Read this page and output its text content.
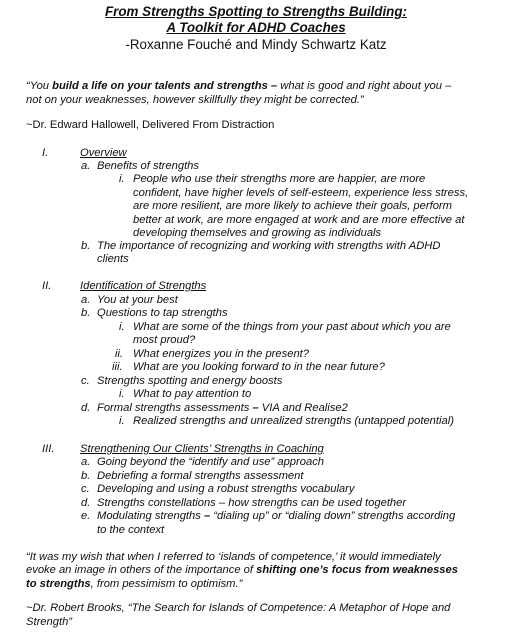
From Strengths Spotting to Strengths Building:
A Toolkit for ADHD Coaches
-Roxanne Fouché and Mindy Schwartz Katz
“You build a life on your talents and strengths – what is good and right about you –
not on your weaknesses, however skillfully they might be corrected.”
~Dr. Edward Hallowell, Delivered From Distraction
I.	Overview
a. Benefits of strengths
i. People who use their strengths more are happier, are more
confident, have higher levels of self-esteem, experience less stress,
are more resilient, are more likely to achieve their goals, perform
better at work, are more engaged at work and are more effective at
developing themselves and growing as individuals
b. The importance of recognizing and working with strengths with ADHD
clients
II.	Identification of Strengths
a. You at your best
b. Questions to tap strengths
i. What are some of the things from your past about which you are
most proud?
ii. What energizes you in the present?
iii. What are you looking forward to in the near future?
c. Strengths spotting and energy boosts
i. What to pay attention to
d. Formal strengths assessments – VIA and Realise2
i. Realized strengths and unrealized strengths (untapped potential)
III. Strengthening Our Clients’ Strengths in Coaching
a. Going beyond the “identify and use” approach
b. Debriefing a formal strengths assessment
c. Developing and using a robust strengths vocabulary
d. Strengths constellations – how strengths can be used together
e. Modulating strengths – “dialing up” or “dialing down” strengths according
to the context
“It was my wish that when I referred to ‘islands of competence,’ it would immediately
evoke an image in others of the importance of shifting one’s focus from weaknesses
to strengths, from pessimism to optimism.”
~Dr. Robert Brooks, “The Search for Islands of Competence: A Metaphor of Hope and
Strength”
